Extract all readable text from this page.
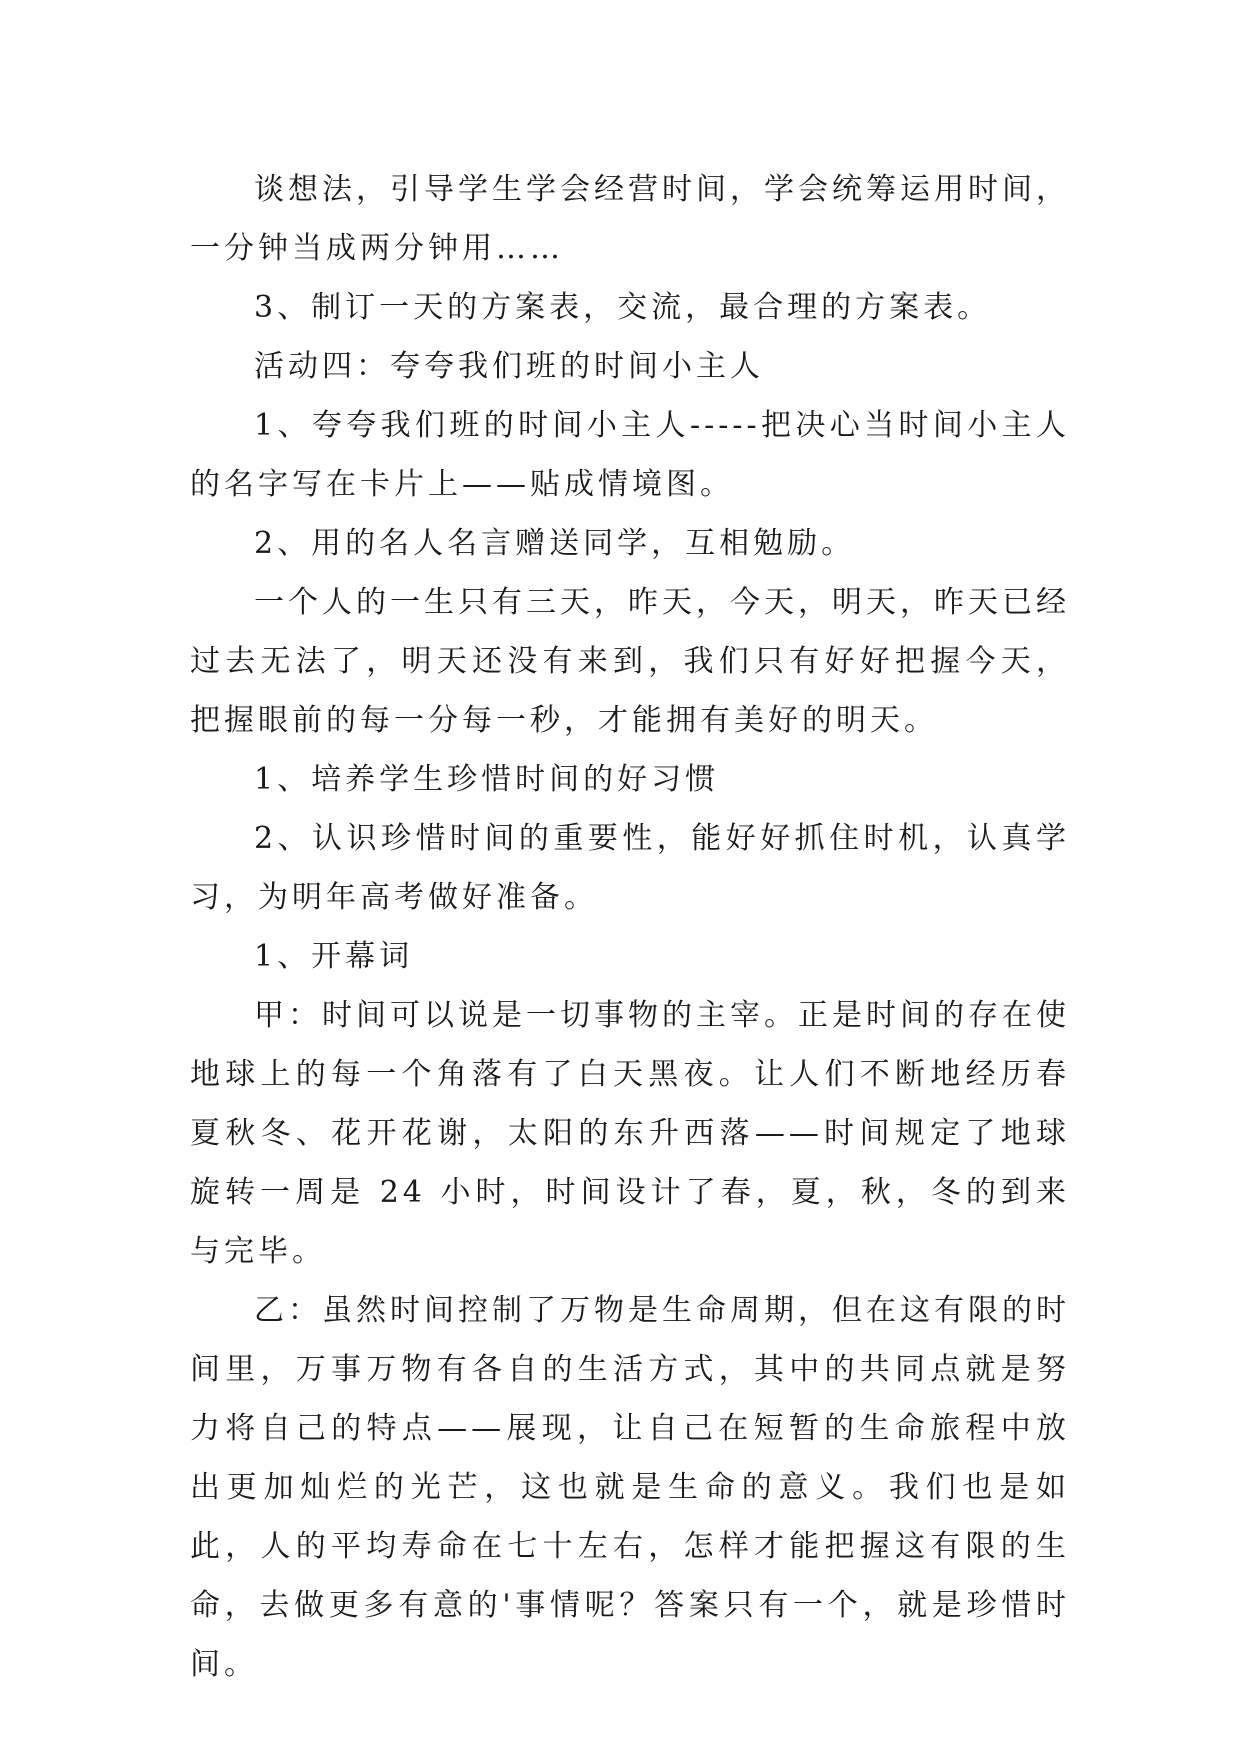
谈想法，引导学生学会经营时间，学会统筹运用时间，一分钟当成两分钟用……

3、制订一天的方案表，交流，最合理的方案表。

活动四：夸夸我们班的时间小主人

1、夸夸我们班的时间小主人-----把决心当时间小主人的名字写在卡片上——贴成情境图。

2、用的名人名言赠送同学，互相勉励。

一个人的一生只有三天，昨天，今天，明天，昨天已经过去无法了，明天还没有来到，我们只有好好把握今天，把握眼前的每一分每一秒，才能拥有美好的明天。

1、培养学生珍惜时间的好习惯

2、认识珍惜时间的重要性，能好好抓住时机，认真学习，为明年高考做好准备。

1、开幕词

甲：时间可以说是一切事物的主宰。正是时间的存在使地球上的每一个角落有了白天黑夜。让人们不断地经历春夏秋冬、花开花谢，太阳的东升西落——时间规定了地球旋转一周是 24 小时，时间设计了春，夏，秋，冬的到来与完毕。

乙：虽然时间控制了万物是生命周期，但在这有限的时间里，万事万物有各自的生活方式，其中的共同点就是努力将自己的特点——展现，让自己在短暂的生命旅程中放出更加灿烂的光芒，这也就是生命的意义。我们也是如此，人的平均寿命在七十左右，怎样才能把握这有限的生命，去做更多有意的'事情呢？答案只有一个，就是珍惜时间。
